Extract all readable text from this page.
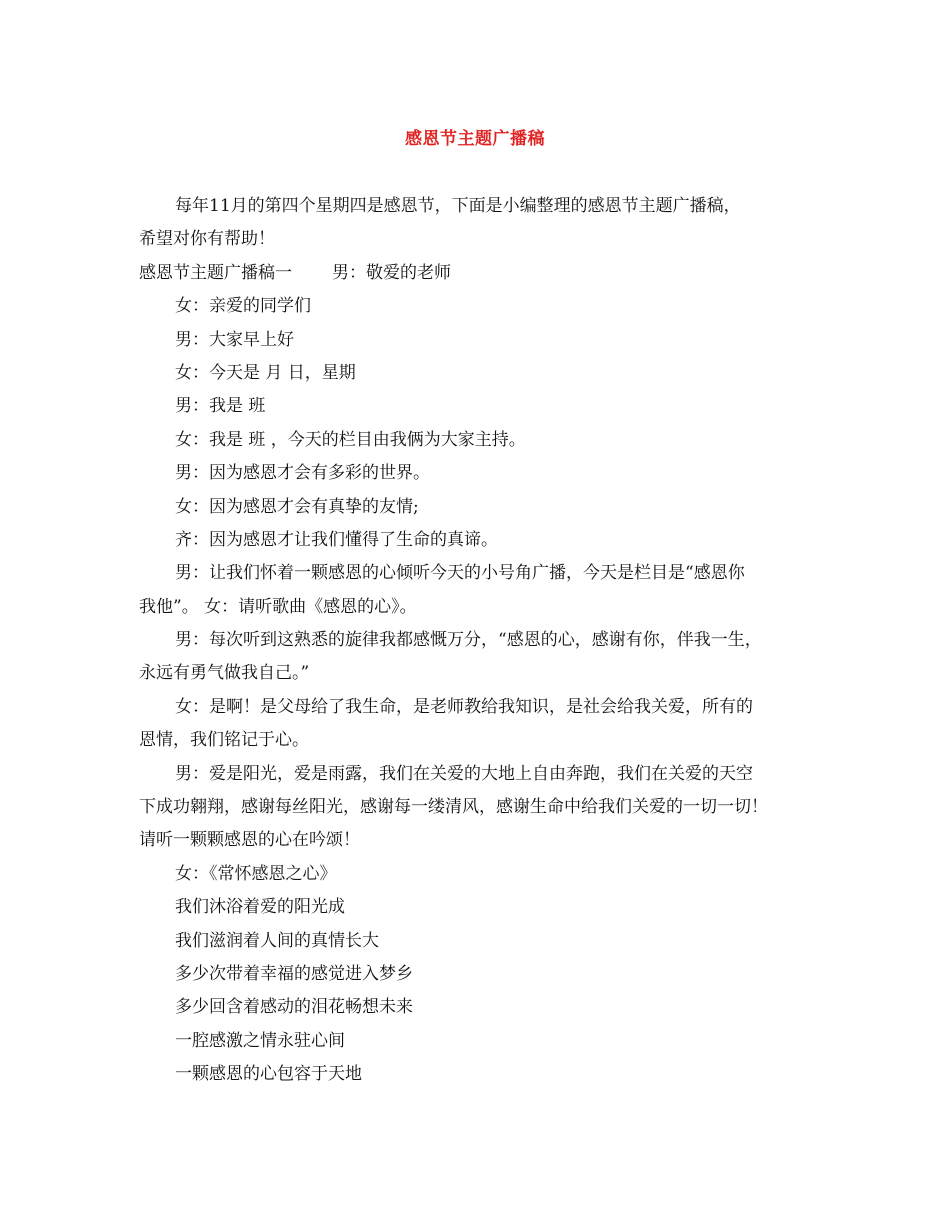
感恩节主题广播稿
每年11月的第四个星期四是感恩节，下面是小编整理的感恩节主题广播稿，
希望对你有帮助！
感恩节主题广播稿一 男：敬爱的老师
女：亲爱的同学们
男：大家早上好
女：今天是 月 日，星期
男：我是 班
女：我是 班 ，今天的栏目由我俩为大家主持。
男：因为感恩才会有多彩的世界。
女：因为感恩才会有真挚的友情;
齐：因为感恩才让我们懂得了生命的真谛。
男：让我们怀着一颗感恩的心倾听今天的小号角广播，今天是栏目是“感恩你
我他”。 女：请听歌曲《感恩的心》。
男：每次听到这熟悉的旋律我都感慨万分，“感恩的心，感谢有你，伴我一生，
永远有勇气做我自己。”
女：是啊！是父母给了我生命，是老师教给我知识，是社会给我关爱，所有的
恩情，我们铭记于心。
男：爱是阳光，爱是雨露，我们在关爱的大地上自由奔跑，我们在关爱的天空
下成功翱翔，感谢每丝阳光，感谢每一缕清风，感谢生命中给我们关爱的一切一切！
请听一颗颗感恩的心在吟颂！
女：《常怀感恩之心》
我们沐浴着爱的阳光成
我们滋润着人间的真情长大
多少次带着幸福的感觉进入梦乡
多少回含着感动的泪花畅想未来
一腔感激之情永驻心间
一颗感恩的心包容于天地
